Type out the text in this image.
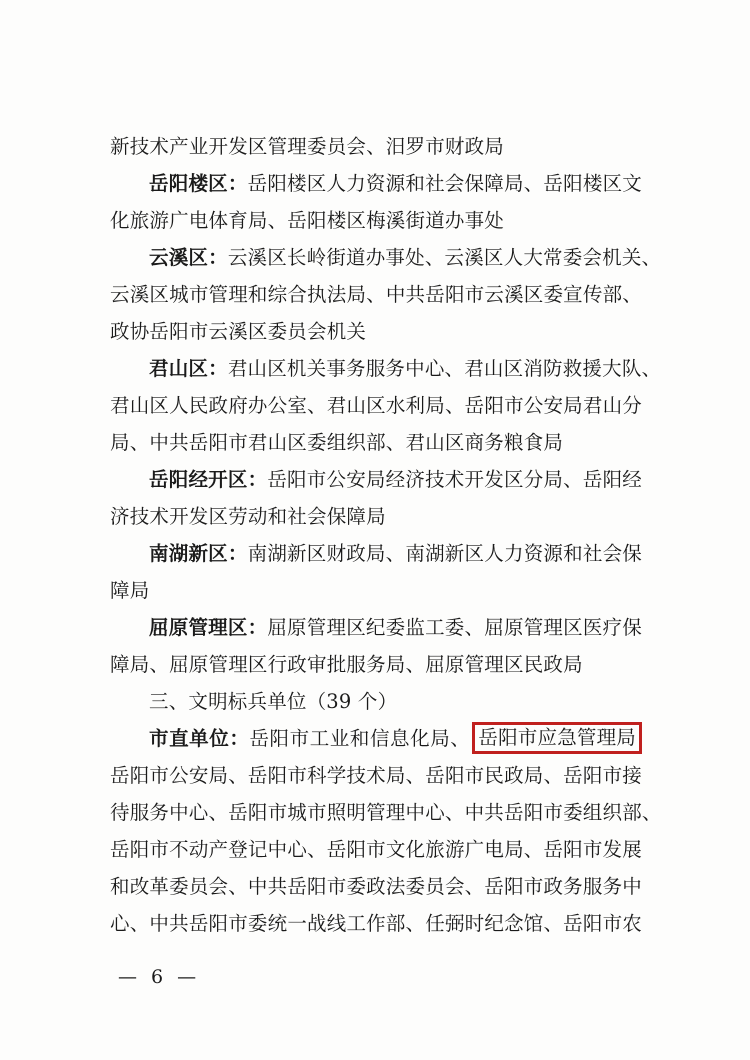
新技术产业开发区管理委员会、汨罗市财政局
岳阳楼区：岳阳楼区人力资源和社会保障局、岳阳楼区文
化旅游广电体育局、岳阳楼区梅溪街道办事处
云溪区：云溪区长岭街道办事处、云溪区人大常委会机关、
云溪区城市管理和综合执法局、中共岳阳市云溪区委宣传部、
政协岳阳市云溪区委员会机关
君山区：君山区机关事务服务中心、君山区消防救援大队、
君山区人民政府办公室、君山区水利局、岳阳市公安局君山分
局、中共岳阳市君山区委组织部、君山区商务粮食局
岳阳经开区：岳阳市公安局经济技术开发区分局、岳阳经
济技术开发区劳动和社会保障局
南湖新区：南湖新区财政局、南湖新区人力资源和社会保
障局
屈原管理区：屈原管理区纪委监工委、屈原管理区医疗保
障局、屈原管理区行政审批服务局、屈原管理区民政局
三、文明标兵单位（39 个）
市直单位：岳阳市工业和信息化局、 岳阳市应急管理局
岳阳市公安局、岳阳市科学技术局、岳阳市民政局、岳阳市接
待服务中心、岳阳市城市照明管理中心、中共岳阳市委组织部、
岳阳市不动产登记中心、岳阳市文化旅游广电局、岳阳市发展
和改革委员会、中共岳阳市委政法委员会、岳阳市政务服务中
心、中共岳阳市委统一战线工作部、任弼时纪念馆、岳阳市农
— 6 —
